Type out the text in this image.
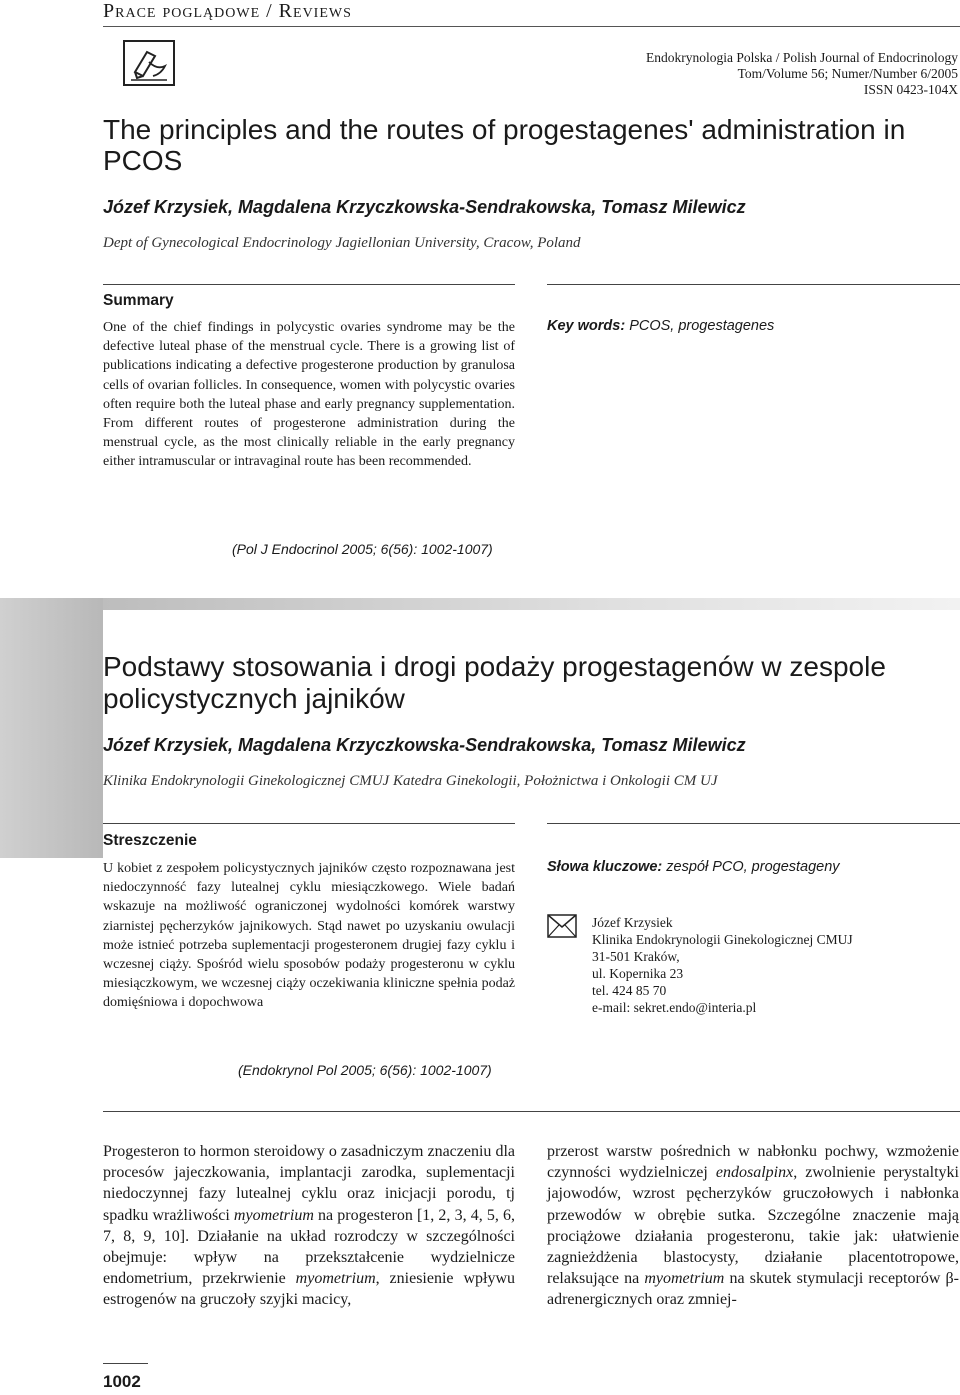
Prace poglądowe / Reviews
Endokrynologia Polska / Polish Journal of Endocrinology
Tom/Volume 56; Numer/Number 6/2005
ISSN 0423-104X
The principles and the routes of progestagenes' administration in PCOS
Józef Krzysiek, Magdalena Krzyczkowska-Sendrakowska, Tomasz Milewicz
Dept of Gynecological Endocrinology Jagiellonian University, Cracow, Poland
Summary
One of the chief findings in polycystic ovaries syndrome may be the defective luteal phase of the menstrual cycle. There is a growing list of publications indicating a defective progesterone production by granulosa cells of ovarian follicles. In consequence, women with polycystic ovaries often require both the luteal phase and early pregnancy supplementation. From different routes of progesterone administration during the menstrual cycle, as the most clinically reliable in the early pregnancy either intramuscular or intravaginal route has been recommended.
(Pol J Endocrinol 2005; 6(56): 1002-1007)
Key words: PCOS, progestagenes
Podstawy stosowania i drogi podaży progestagenów w zespole policystycznych jajników
Józef Krzysiek, Magdalena Krzyczkowska-Sendrakowska, Tomasz Milewicz
Klinika Endokrynologii Ginekologicznej CMUJ Katedra Ginekologii, Położnictwa i Onkologii CM UJ
Streszczenie
U kobiet z zespołem policystycznych jajników często rozpoznawana jest niedoczynność fazy lutealnej cyklu miesiączkowego. Wiele badań wskazuje na możliwość ograniczonej wydolności komórek warstwy ziarnistej pęcherzyków jajnikowych. Stąd nawet po uzyskaniu owulacji może istnieć potrzeba suplementacji progesteronem drugiej fazy cyklu i wczesnej ciąży. Spośród wielu sposobów podaży progesteronu w cyklu miesiączkowym, we wczesnej ciąży oczekiwania kliniczne spełnia podaż domięśniowa i dopochwowa
(Endokrynol Pol 2005; 6(56): 1002-1007)
Słowa kluczowe: zespół PCO, progestageny
Józef Krzysiek
Klinika Endokrynologii Ginekologicznej CMUJ
31-501 Kraków,
ul. Kopernika 23
tel. 424 85 70
e-mail: sekret.endo@interia.pl
Progesteron to hormon steroidowy o zasadniczym znaczeniu dla procesów jajeczkowania, implantacji zarodka, suplementacji niedoczynnej fazy lutealnej cyklu oraz inicjacji porodu, tj spadku wrażliwości myometrium na progesteron [1, 2, 3, 4, 5, 6, 7, 8, 9, 10]. Działanie na układ rozrodczy w szczególności obejmuje: wpływ na przekształcenie wydzielnicze endometrium, przekrwienie myometrium, zniesienie wpływu estrogenów na gruczoły szyjki macicy,
przerost warstw pośrednich w nabłonku pochwy, wzmożenie czynności wydzielniczej endosalpinx, zwolnienie perystaltyki jajowodów, wzrost pęcherzyków gruczołowych i nabłonka przewodów w obrębie sutka. Szczególne znaczenie mają prociążowe działania progesteronu, takie jak: ułatwienie zagnieżdżenia blastocysty, działanie placentotropowe, relaksujące na myometrium na skutek stymulacji receptorów β-adrenergicznych oraz zmniej-
1002
